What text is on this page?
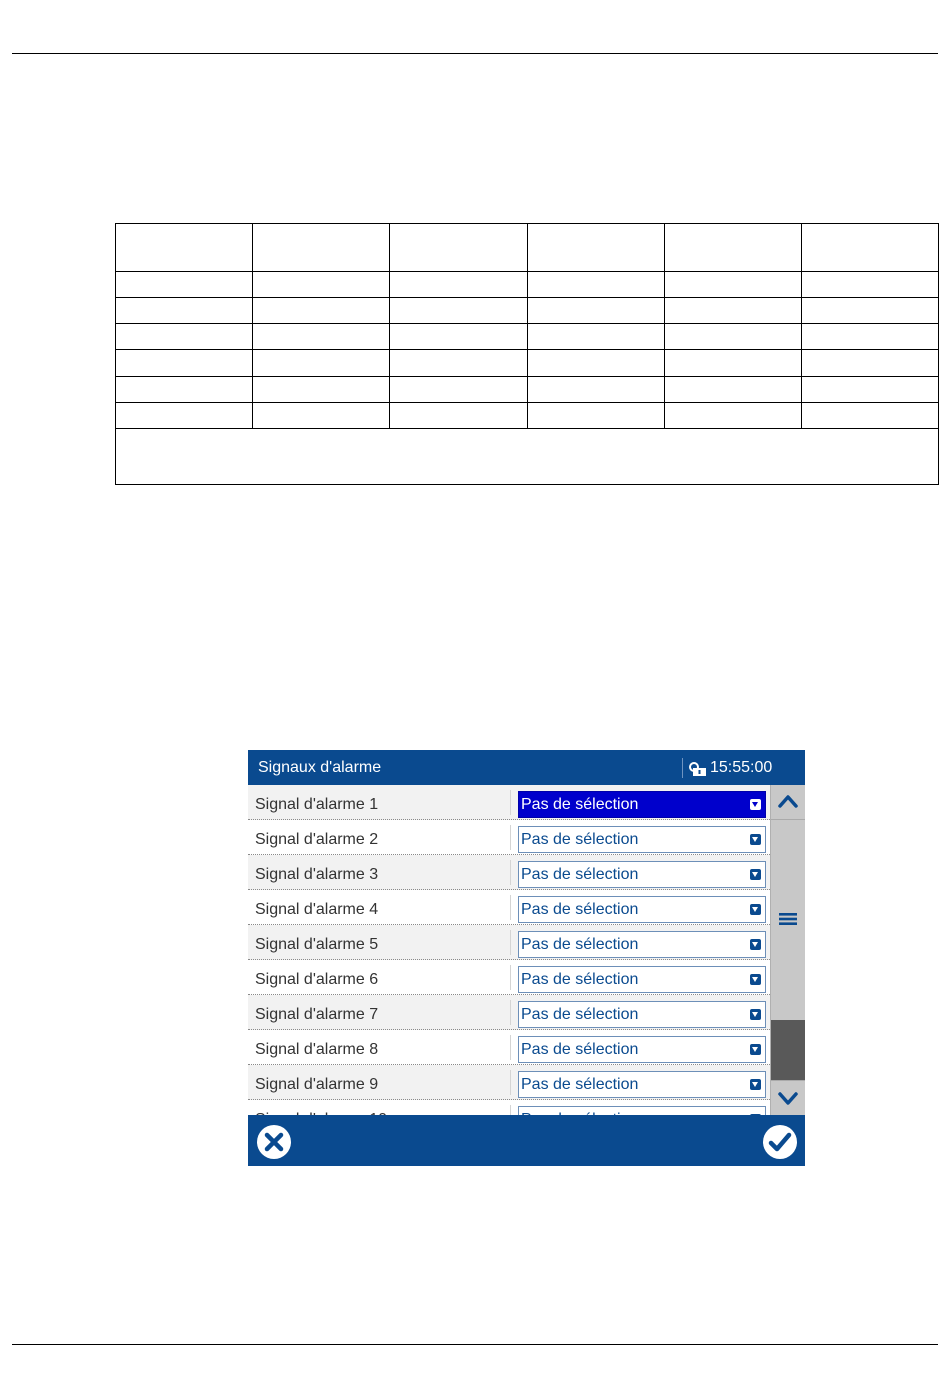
Signaux d'alarme	15:55:00
Signal d'alarme 1	Pas de sélection
Signal d'alarme 2	Pas de sélection
Signal d'alarme 3	Pas de sélection
Signal d'alarme 4	Pas de sélection
Signal d'alarme 5	Pas de sélection
Signal d'alarme 6	Pas de sélection
Signal d'alarme 7	Pas de sélection
Signal d'alarme 8	Pas de sélection
Signal d'alarme 9	Pas de sélection
